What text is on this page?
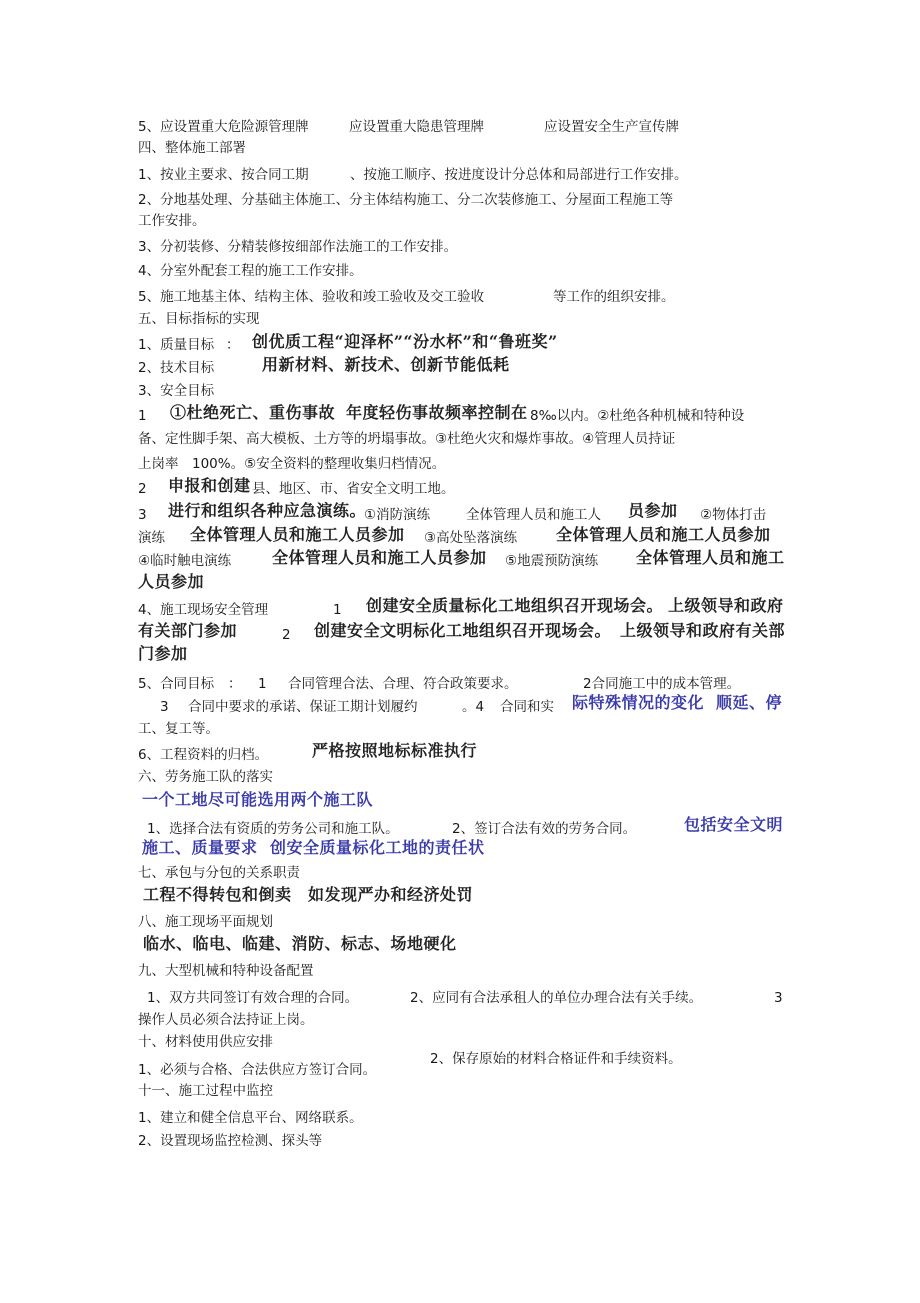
5、应设置重大危险源管理牌	应设置重大隐患管理牌	应设置安全生产宣传牌
四、整体施工部署
1、按业主要求、按合同工期	、按施工顺序、按进度设计分总体和局部进行工作安排。
2、分地基处理、分基础主体施工、分主体结构施工、分二次装修施工、分屋面工程施工等
工作安排。
3、分初装修、分精装修按细部作法施工的工作安排。
4、分室外配套工程的施工工作安排。
5、施工地基主体、结构主体、验收和竣工验收及交工验收	等工作的组织安排。
五、目标指标的实现
1、质量目标 ： 创优质工程“迎泽杯”“汾水杯”和“鲁班奖”
2、技术目标	用新材料、新技术、创新节能低耗
3、安全目标
1 ①杜绝死亡、重伤事故 年度轻伤事故频率控制在 8‰以内。②杜绝各种机械和特种设
备、定性脚手架、高大模板、土方等的坍塌事故。③杜绝火灾和爆炸事故。④管理人员持证
上岗率　100%。⑤安全资料的整理收集归档情况。
2 申报和创建 县、地区、市、省安全文明工地。
3 进行和组织各种应急演练。
①消防演练	全体管理人员和施工人 员参加 ②物体打击
演练 全体管理人员和施工人员参加 ③高处坠落演练 全体管理人员和施工人员参加
④临时触电演练	全体管理人员和施工人员参加 ⑤地震预防演练 全体管理人员和施工
人员参加
4、施工现场安全管理	1 创建安全质量标化工地组织召开现场会。 上级领导和政府
有关部门参加	2 创建安全文明标化工地组织召开现场会。 上级领导和政府有关部
门参加
5、合同目标 ： 1 合同管理合法、合理、符合政策要求。	2合同施工中的成本管理。
3 合同中要求的承诺、保证工期计划履约	。4 合同和实 际特殊情况的变化 顺延、停
工、复工等。
6、工程资料的归档。	严格按照地标标准执行
六、劳务施工队的落实
一个工地尽可能选用两个施工队
1、选择合法有资质的劳务公司和施工队。	2、签订合法有效的劳务合同。	包括安全文明
施工、质量要求 创安全质量标化工地的责任状
七、承包与分包的关系职责
工程不得转包和倒卖　如发现严办和经济处罚
八、施工现场平面规划
临水、临电、临建、消防、标志、场地硬化
九、大型机械和特种设备配置
1、双方共同签订有效合理的合同。	2、应同有合法承租人的单位办理合法有关手续。	3
操作人员必须合法持证上岗。
十、材料使用供应安排
2、保存原始的材料合格证件和手续资料。
1、必须与合格、合法供应方签订合同。
十一、施工过程中监控
1、建立和健全信息平台、网络联系。
2、设置现场监控检测、探头等
